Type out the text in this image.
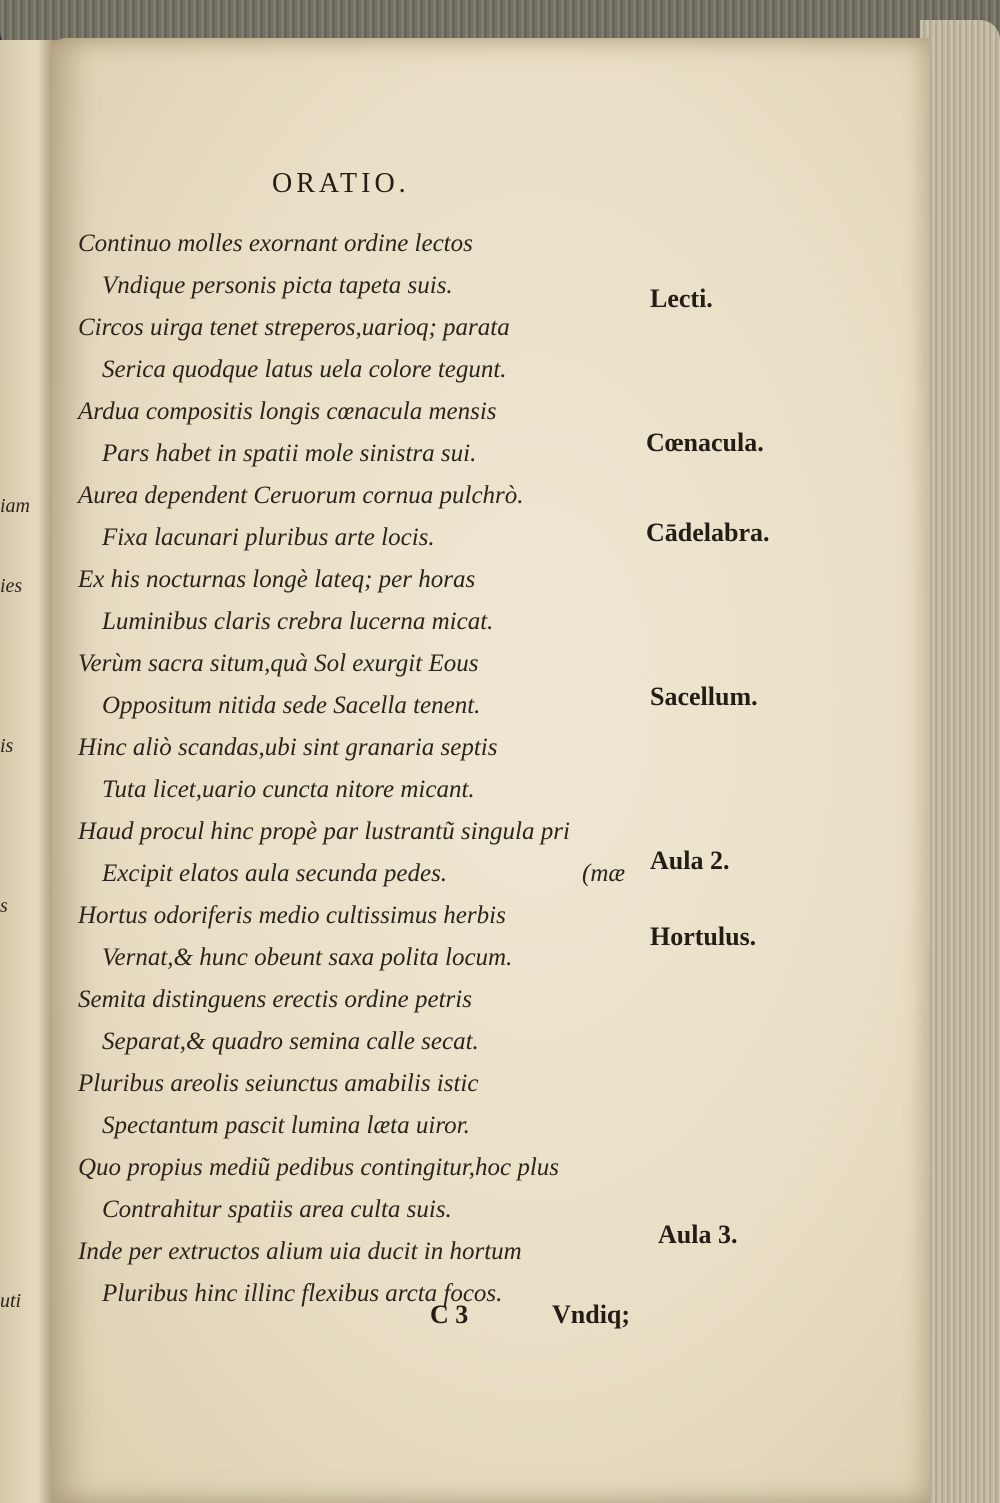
iam
ies
is
s
uti
ORATIO.
Continuo molles exornant ordine lectos
Vndique personis picta tapeta suis.
Circos uirga tenet streperos,uarioq; parata
Serica quodque latus uela colore tegunt.
Ardua compositis longis cœnacula mensis
Pars habet in spatii mole sinistra sui.
Aurea dependent Ceruorum cornua pulchrò.
Fixa lacunari pluribus arte locis.
Ex his nocturnas longè lateq; per horas
Luminibus claris crebra lucerna micat.
Verùm sacra situm,quà Sol exurgit Eous
Oppositum nitida sede Sacella tenent.
Hinc aliò scandas,ubi sint granaria septis
Tuta licet,uario cuncta nitore micant.
Haud procul hinc propè par lustrantũ singula pri
Excipit elatos aula secunda pedes.
Hortus odoriferis medio cultissimus herbis
Vernat,& hunc obeunt saxa polita locum.
Semita distinguens erectis ordine petris
Separat,& quadro semina calle secat.
Pluribus areolis seiunctus amabilis istic
Spectantum pascit lumina læta uiror.
Quo propius mediũ pedibus contingitur,hoc plus
Contrahitur spatiis area culta suis.
Inde per extructos alium uia ducit in hortum
Pluribus hinc illinc flexibus arcta focos.
(mæ
Lecti.
Cœnacula.
Cādelabra.
Sacellum.
Aula 2.
Hortulus.
Aula 3.
C 3	Vndiq;
